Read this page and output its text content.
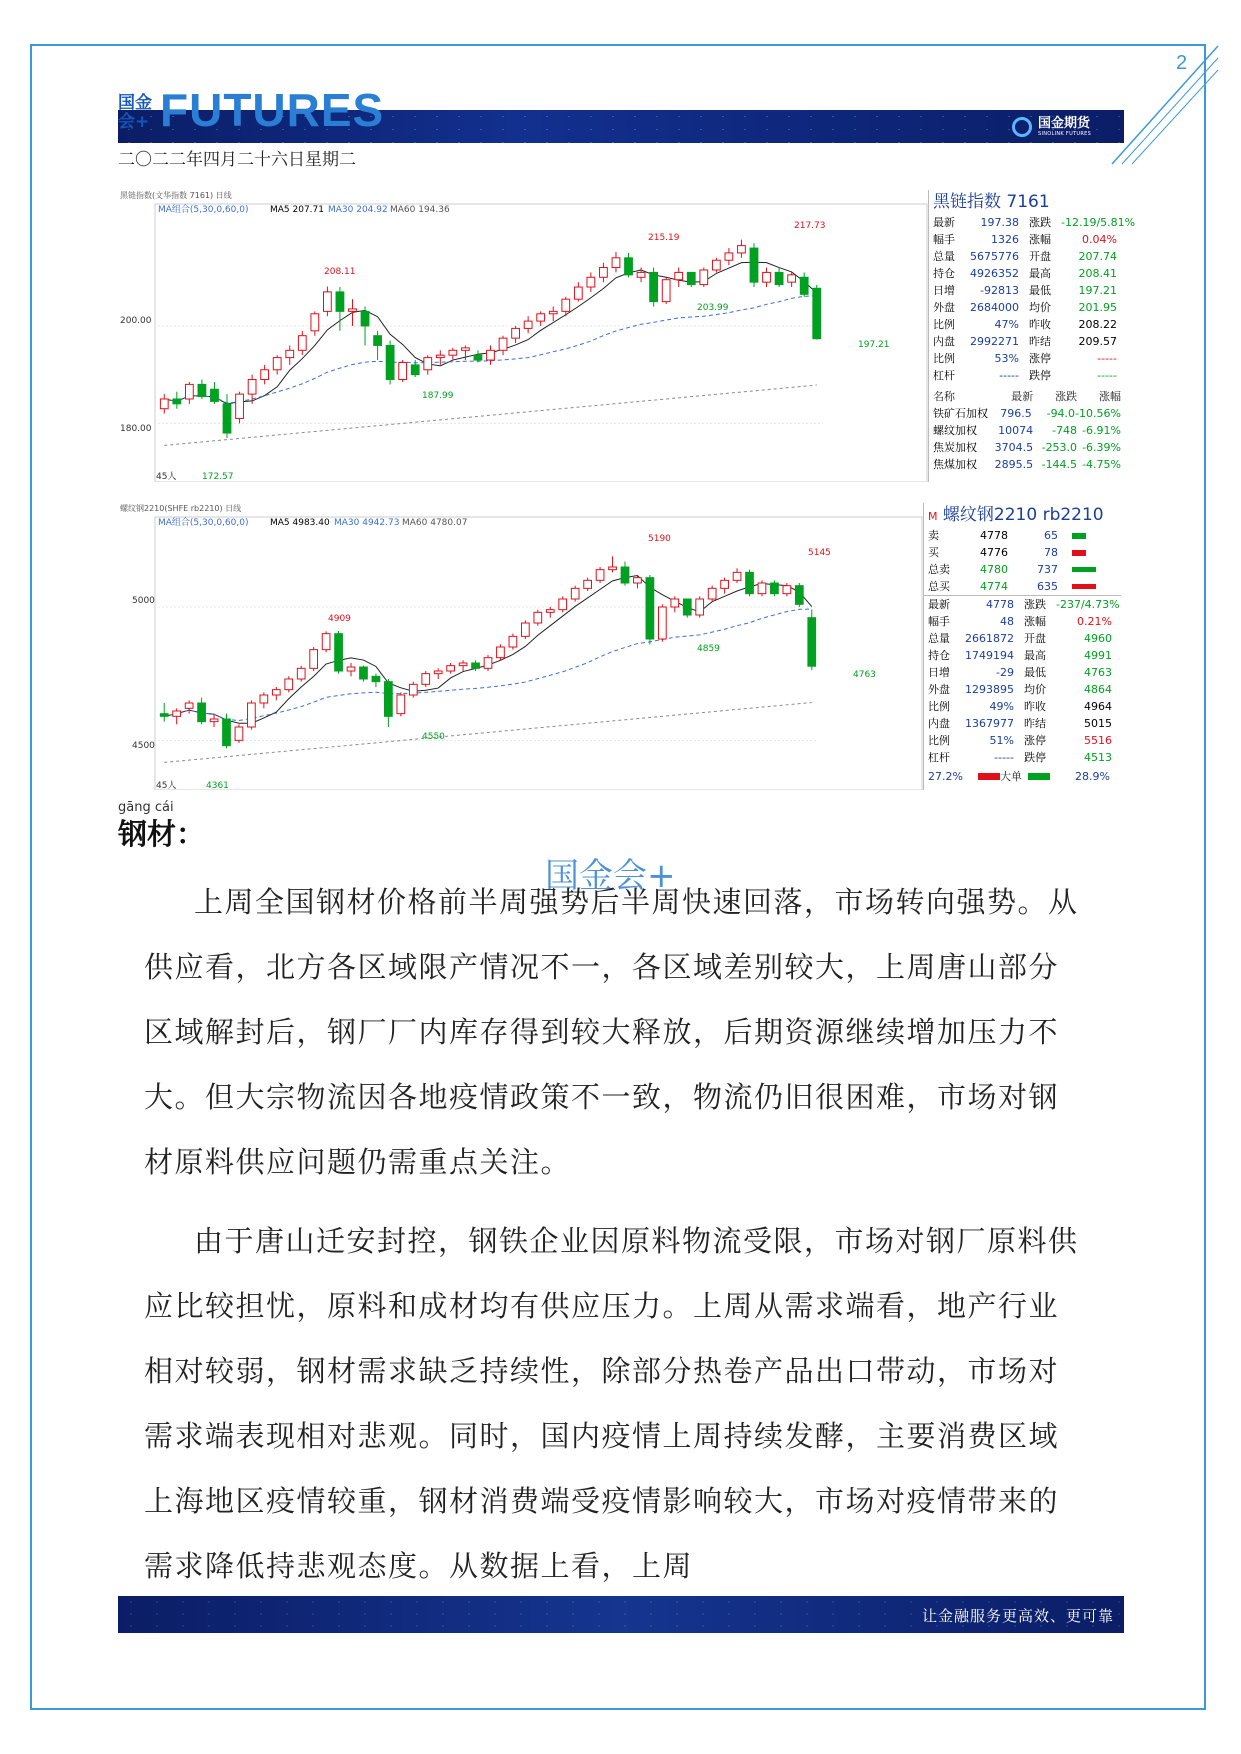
2
国金会+ FUTURES	国金期货
SINOLINK FUTURES
二〇二二年四月二十六日星期二
黑链指数(文华指数 7161) 日线
MA组合(5,30,0,60,0) MA5 207.71 MA30 204.92 MA60 194.36
200.00
180.00
45人
208.11
187.99
215.19
203.99
217.73
197.21
172.57
黑链指数 7161
最新	197.38 涨跌 -12.19/5.81%
幅手	1326 涨幅	0.04%
总量	5675776 开盘	207.74
持仓	4926352 最高	208.41
日增	-92813 最低	197.21
外盘	2684000 均价	201.95
比例	47% 昨收	208.22
内盘	2992271 昨结	209.57
比例	53% 涨停	-----
杠杆	----- 跌停	-----
名称	最新	涨跌	涨幅
铁矿石加权	796.5	-94.0 -10.56%
螺纹加权	10074	-748 -6.91%
焦炭加权	3704.5 -253.0 -6.39%
焦煤加权	2895.5 -144.5 -4.75%
螺纹钢2210(SHFE rb2210) 日线
MA组合(5,30,0,60,0) MA5 4983.40 MA30 4942.73 MA60 4780.07
5000
4500
45人
4909
4550
5190
4859
5145
4763
4361
M 螺纹钢2210 rb2210
卖	4778	65
买	4776	78
总卖	4780	737
总买	4774	635
最新	4778 涨跌 -237/4.73%
幅手	48 涨幅	0.21%
总量	2661872 开盘	4960
持仓	1749194 最高	4991
日增	-29 最低	4763
外盘	1293895 均价	4864
比例	49% 昨收	4964
内盘	1367977 昨结	5015
比例	51% 涨停	5516
杠杆	----- 跌停	4513
27.2%	大单	28.9%
gāng cái
钢材：
国金会+
上周全国钢材价格前半周强势后半周快速回落，市场转向强势。从供应看，北方各区域限产情况不一，各区域差别较大，上周唐山部分区域解封后，钢厂厂内库存得到较大释放，后期资源继续增加压力不大。但大宗物流因各地疫情政策不一致，物流仍旧很困难，市场对钢材原料供应问题仍需重点关注。
由于唐山迁安封控，钢铁企业因原料物流受限，市场对钢厂原料供应比较担忧，原料和成材均有供应压力。上周从需求端看，地产行业相对较弱，钢材需求缺乏持续性，除部分热卷产品出口带动，市场对需求端表现相对悲观。同时，国内疫情上周持续发酵，主要消费区域上海地区疫情较重，钢材消费端受疫情影响较大，市场对疫情带来的需求降低持悲观态度。从数据上看，上周
让金融服务更高效、更可靠
